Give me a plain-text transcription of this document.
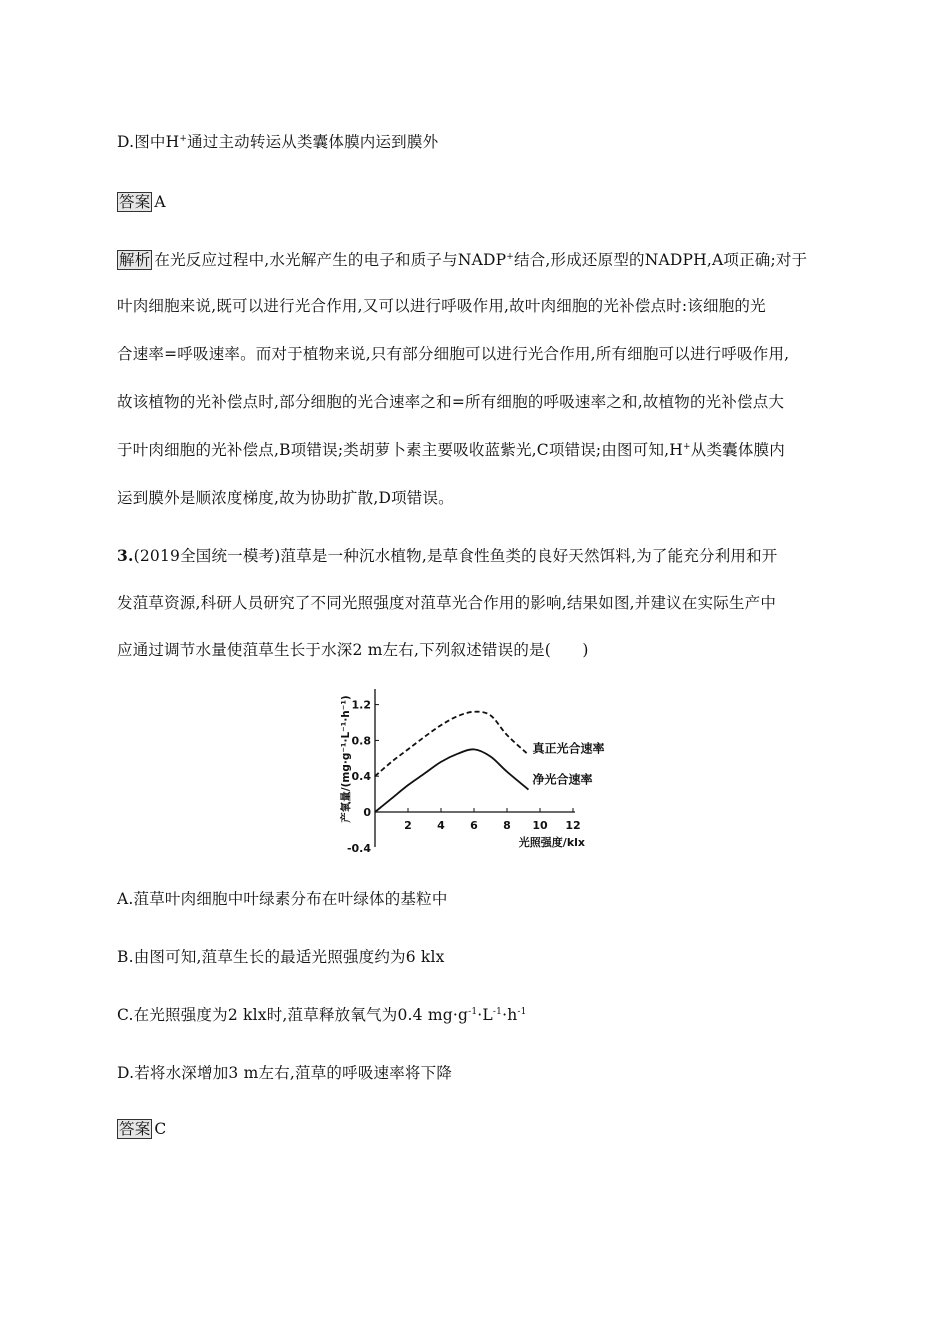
D.图中H+通过主动转运从类囊体膜内运到膜外
答案 A
解析 在光反应过程中,水光解产生的电子和质子与NADP+结合,形成还原型的NADPH,A项正确;对于
叶肉细胞来说,既可以进行光合作用,又可以进行呼吸作用,故叶肉细胞的光补偿点时:该细胞的光
合速率=呼吸速率。而对于植物来说,只有部分细胞可以进行光合作用,所有细胞可以进行呼吸作用,
故该植物的光补偿点时,部分细胞的光合速率之和=所有细胞的呼吸速率之和,故植物的光补偿点大
于叶肉细胞的光补偿点,B项错误;类胡萝卜素主要吸收蓝紫光,C项错误;由图可知,H+从类囊体膜内
运到膜外是顺浓度梯度,故为协助扩散,D项错误。
3.(2019全国统一模考)菹草是一种沉水植物,是草食性鱼类的良好天然饵料,为了能充分利用和开
发菹草资源,科研人员研究了不同光照强度对菹草光合作用的影响,结果如图,并建议在实际生产中
应通过调节水量使菹草生长于水深2 m左右,下列叙述错误的是(　　)
2 4 6 8 10 12
1.2
0.8
0.4
0
-0.4
真正光合速率
净光合速率
光照强度/klx
产氧量/(mg·g⁻¹·L⁻¹·h⁻¹)
A.菹草叶肉细胞中叶绿素分布在叶绿体的基粒中
B.由图可知,菹草生长的最适光照强度约为6 klx
C.在光照强度为2 klx时,菹草释放氧气为0.4 $mg\cdot g^{-1}\cdot L^{-1}\cdot h^{-1}$
D.若将水深增加3 m左右,菹草的呼吸速率将下降
答案 C
